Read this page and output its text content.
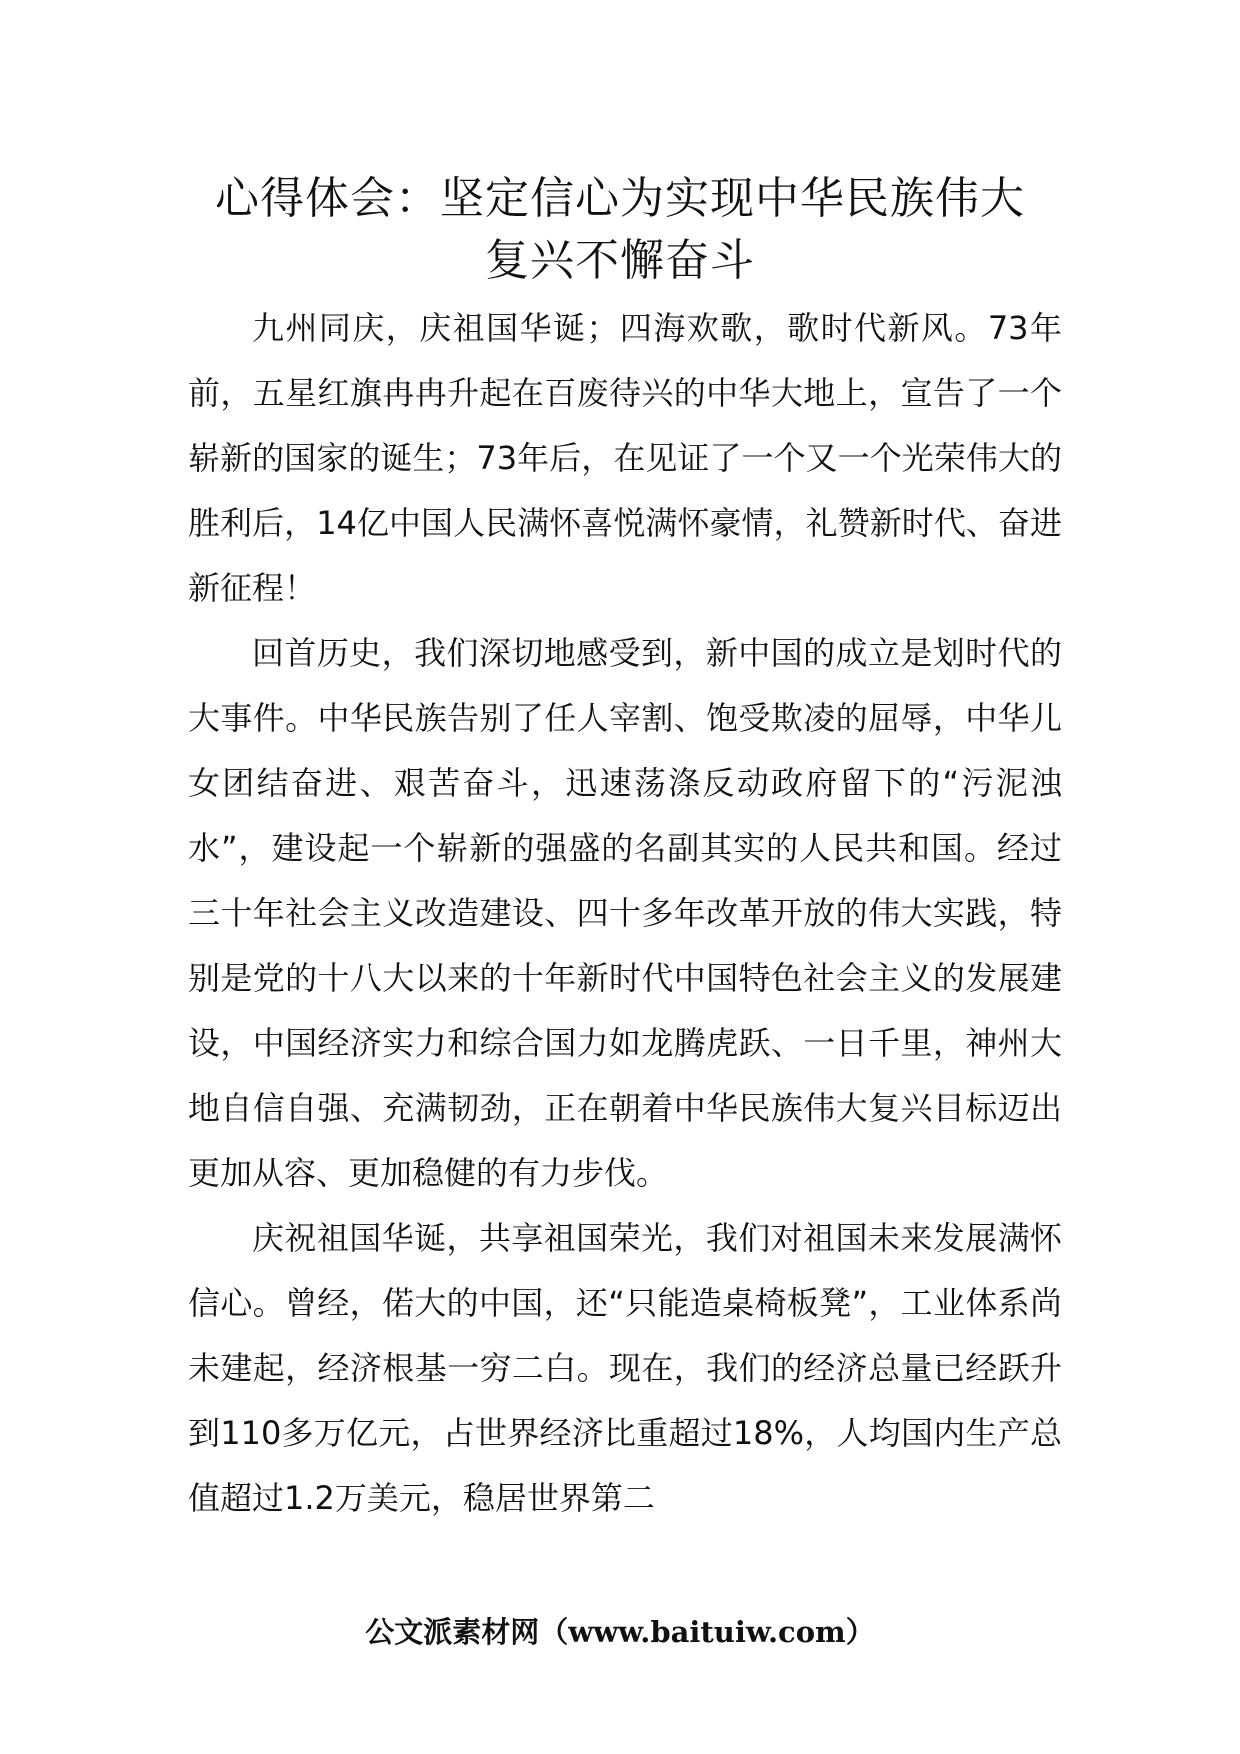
心得体会：坚定信心为实现中华民族伟大
复兴不懈奋斗

九州同庆，庆祖国华诞；四海欢歌，歌时代新风。73年前，五星红旗冉冉升起在百废待兴的中华大地上，宣告了一个崭新的国家的诞生；73年后，在见证了一个又一个光荣伟大的胜利后，14亿中国人民满怀喜悦满怀豪情，礼赞新时代、奋进新征程！

回首历史，我们深切地感受到，新中国的成立是划时代的大事件。中华民族告别了任人宰割、饱受欺凌的屈辱，中华儿女团结奋进、艰苦奋斗，迅速荡涤反动政府留下的“污泥浊水”，建设起一个崭新的强盛的名副其实的人民共和国。经过三十年社会主义改造建设、四十多年改革开放的伟大实践，特别是党的十八大以来的十年新时代中国特色社会主义的发展建设，中国经济实力和综合国力如龙腾虎跃、一日千里，神州大地自信自强、充满韧劲，正在朝着中华民族伟大复兴目标迈出更加从容、更加稳健的有力步伐。

庆祝祖国华诞，共享祖国荣光，我们对祖国未来发展满怀信心。曾经，偌大的中国，还“只能造桌椅板凳”，工业体系尚未建起，经济根基一穷二白。现在，我们的经济总量已经跃升到110多万亿元，占世界经济比重超过18%，人均国内生产总值超过1.2万美元，稳居世界第二

公文派素材网（www.baituiw.com）
